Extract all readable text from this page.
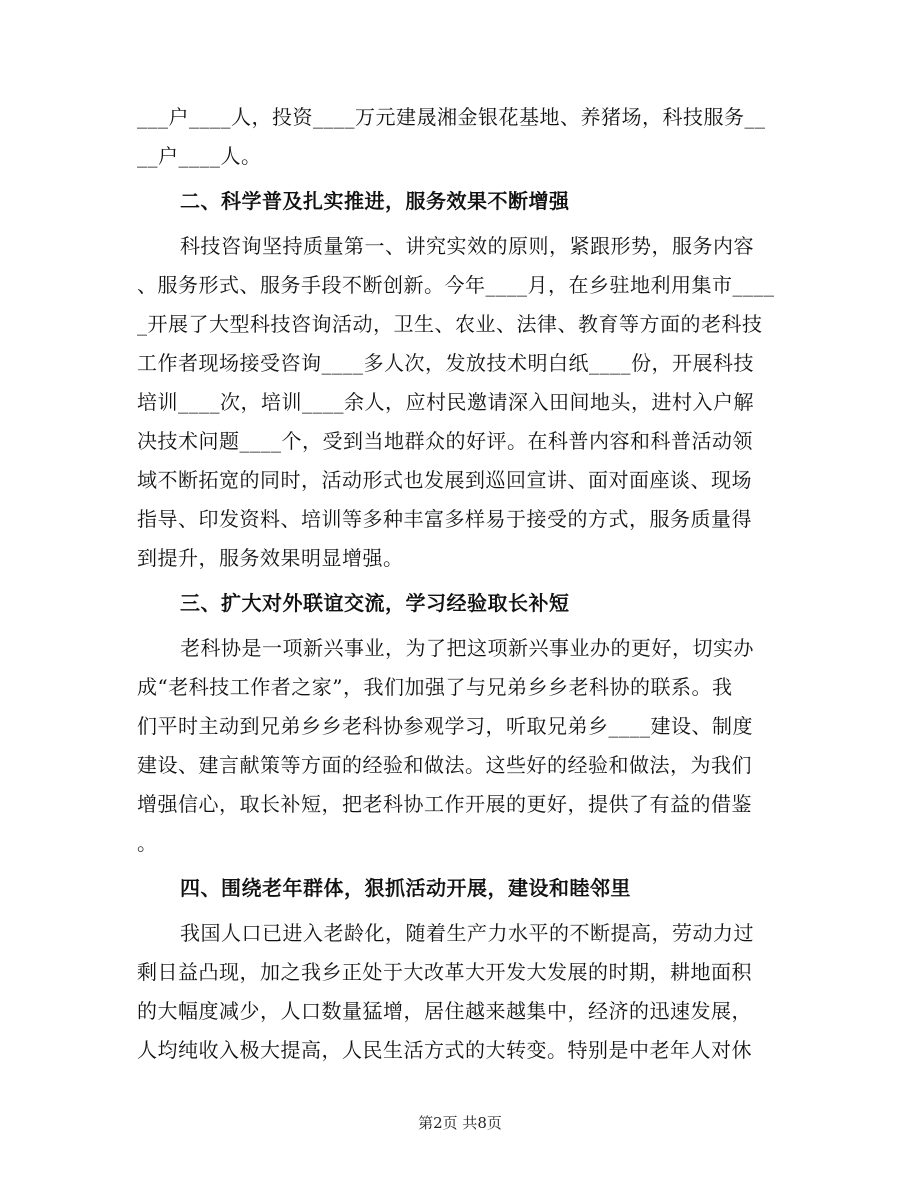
___户____人，投资____万元建晟湘金银花基地、养猪场，科技服务__
__户____人。
二、科学普及扎实推进，服务效果不断增强
科技咨询坚持质量第一、讲究实效的原则，紧跟形势，服务内容
、服务形式、服务手段不断创新。今年____月，在乡驻地利用集市____
_开展了大型科技咨询活动，卫生、农业、法律、教育等方面的老科技
工作者现场接受咨询____多人次，发放技术明白纸____份，开展科技
培训____次，培训____余人，应村民邀请深入田间地头，进村入户解
决技术问题____个，受到当地群众的好评。在科普内容和科普活动领
域不断拓宽的同时，活动形式也发展到巡回宣讲、面对面座谈、现场
指导、印发资料、培训等多种丰富多样易于接受的方式，服务质量得
到提升，服务效果明显增强。
三、扩大对外联谊交流，学习经验取长补短
老科协是一项新兴事业，为了把这项新兴事业办的更好，切实办
成“老科技工作者之家”，我们加强了与兄弟乡乡老科协的联系。我
们平时主动到兄弟乡乡老科协参观学习，听取兄弟乡____建设、制度
建设、建言献策等方面的经验和做法。这些好的经验和做法，为我们
增强信心，取长补短，把老科协工作开展的更好，提供了有益的借鉴
。
四、围绕老年群体，狠抓活动开展，建设和睦邻里
我国人口已进入老龄化，随着生产力水平的不断提高，劳动力过
剩日益凸现，加之我乡正处于大改革大开发大发展的时期，耕地面积
的大幅度减少，人口数量猛增，居住越来越集中，经济的迅速发展，
人均纯收入极大提高，人民生活方式的大转变。特别是中老年人对休
第2页 共8页
